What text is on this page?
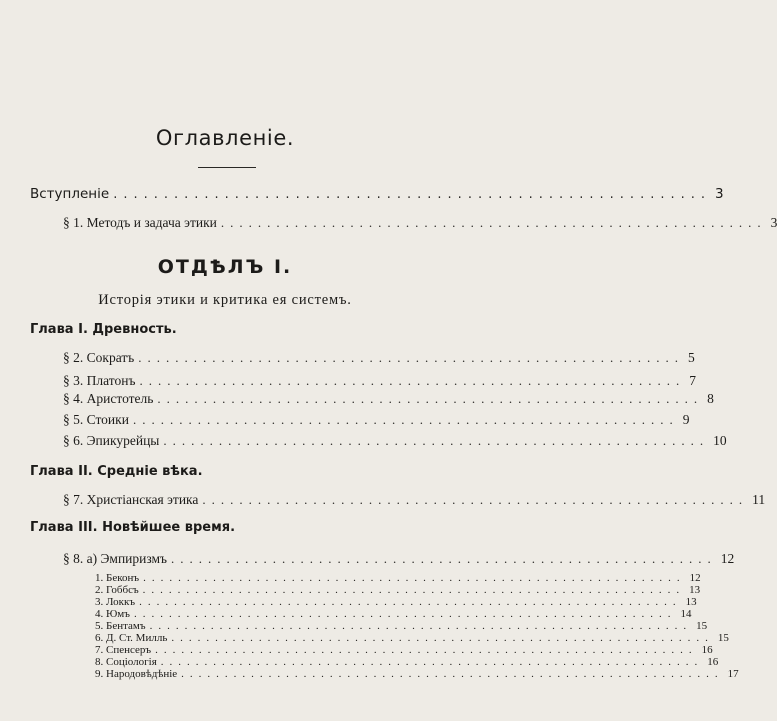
Оглавленіе.
Вступленіе ........................................................... 3
§ 1. Методъ и задача этики ........................................................... 3
ОТДѢЛЪ I.
Исторія этики и критика ея системъ.
Глава I. Древность.
§ 2. Сократъ ........................................................... 5
§ 3. Платонъ ........................................................... 7
§ 4. Аристотель ........................................................... 8
§ 5. Стоики ........................................................... 9
§ 6. Эпикурейцы ........................................................... 10
Глава II. Средніе вѣка.
§ 7. Христіанская этика ........................................................... 11
Глава III. Новѣйшее время.
§ 8. а) Эмпиризмъ ........................................................... 12
1. Беконъ .............................................................. 12
2. Гоббсъ .............................................................. 13
3. Локкъ .............................................................. 13
4. Юмъ .............................................................. 14
5. Бентамъ .............................................................. 15
6. Д. Ст. Милль .............................................................. 15
7. Спенсеръ .............................................................. 16
8. Соціологія .............................................................. 16
9. Народовѣдѣніе .............................................................. 17
